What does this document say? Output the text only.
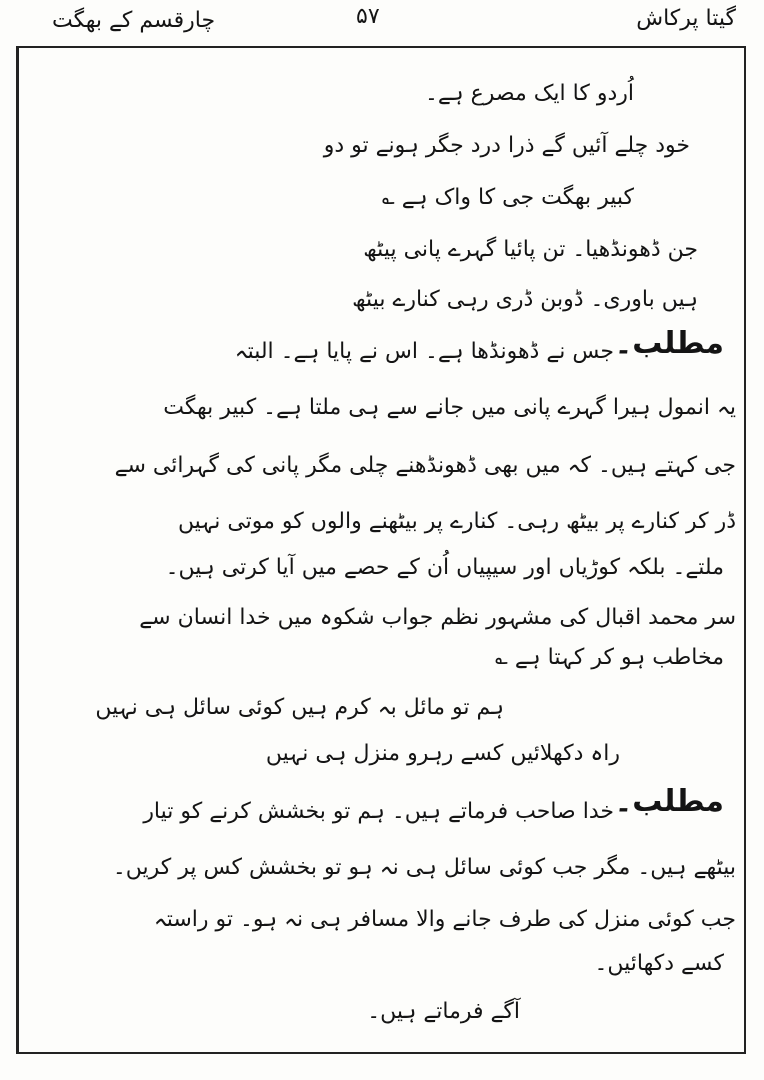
چارقسم کے بھگت	۵۷	گیتا پرکاش
اُردو کا ایک مصرع ہے۔
خود چلے آئیں گے ذرا درد جگر ہونے تو دو
کبیر بھگت جی کا واک ہے ؎
جن ڈھونڈھیا۔ تن پائیا گہرے پانی پیٹھ
ہیں باوری۔ ڈوبن ڈری رہی کنارے بیٹھ
مطلب۔
جس نے ڈھونڈھا ہے۔ اس نے پایا ہے۔ البتہ
یہ انمول ہیرا گہرے پانی میں جانے سے ہی ملتا ہے۔ کبیر بھگت
جی کہتے ہیں۔ کہ میں بھی ڈھونڈھنے چلی مگر پانی کی گہرائی سے
ڈر کر کنارے پر بیٹھ رہی۔ کنارے پر بیٹھنے والوں کو موتی نہیں
ملتے۔ بلکہ کوڑیاں اور سیپیاں اُن کے حصے میں آیا کرتی ہیں۔
سر محمد اقبال کی مشہور نظم جواب شکوہ میں خدا انسان سے
مخاطب ہو کر کہتا ہے ؎
ہم تو مائل بہ کرم ہیں کوئی سائل ہی نہیں
راہ دکھلائیں کسے رہرو منزل ہی نہیں
مطلب۔
خدا صاحب فرماتے ہیں۔ ہم تو بخشش کرنے کو تیار
بیٹھے ہیں۔ مگر جب کوئی سائل ہی نہ ہو تو بخشش کس پر کریں۔
جب کوئی منزل کی طرف جانے والا مسافر ہی نہ ہو۔ تو راستہ
کسے دکھائیں۔
آگے فرماتے ہیں۔
